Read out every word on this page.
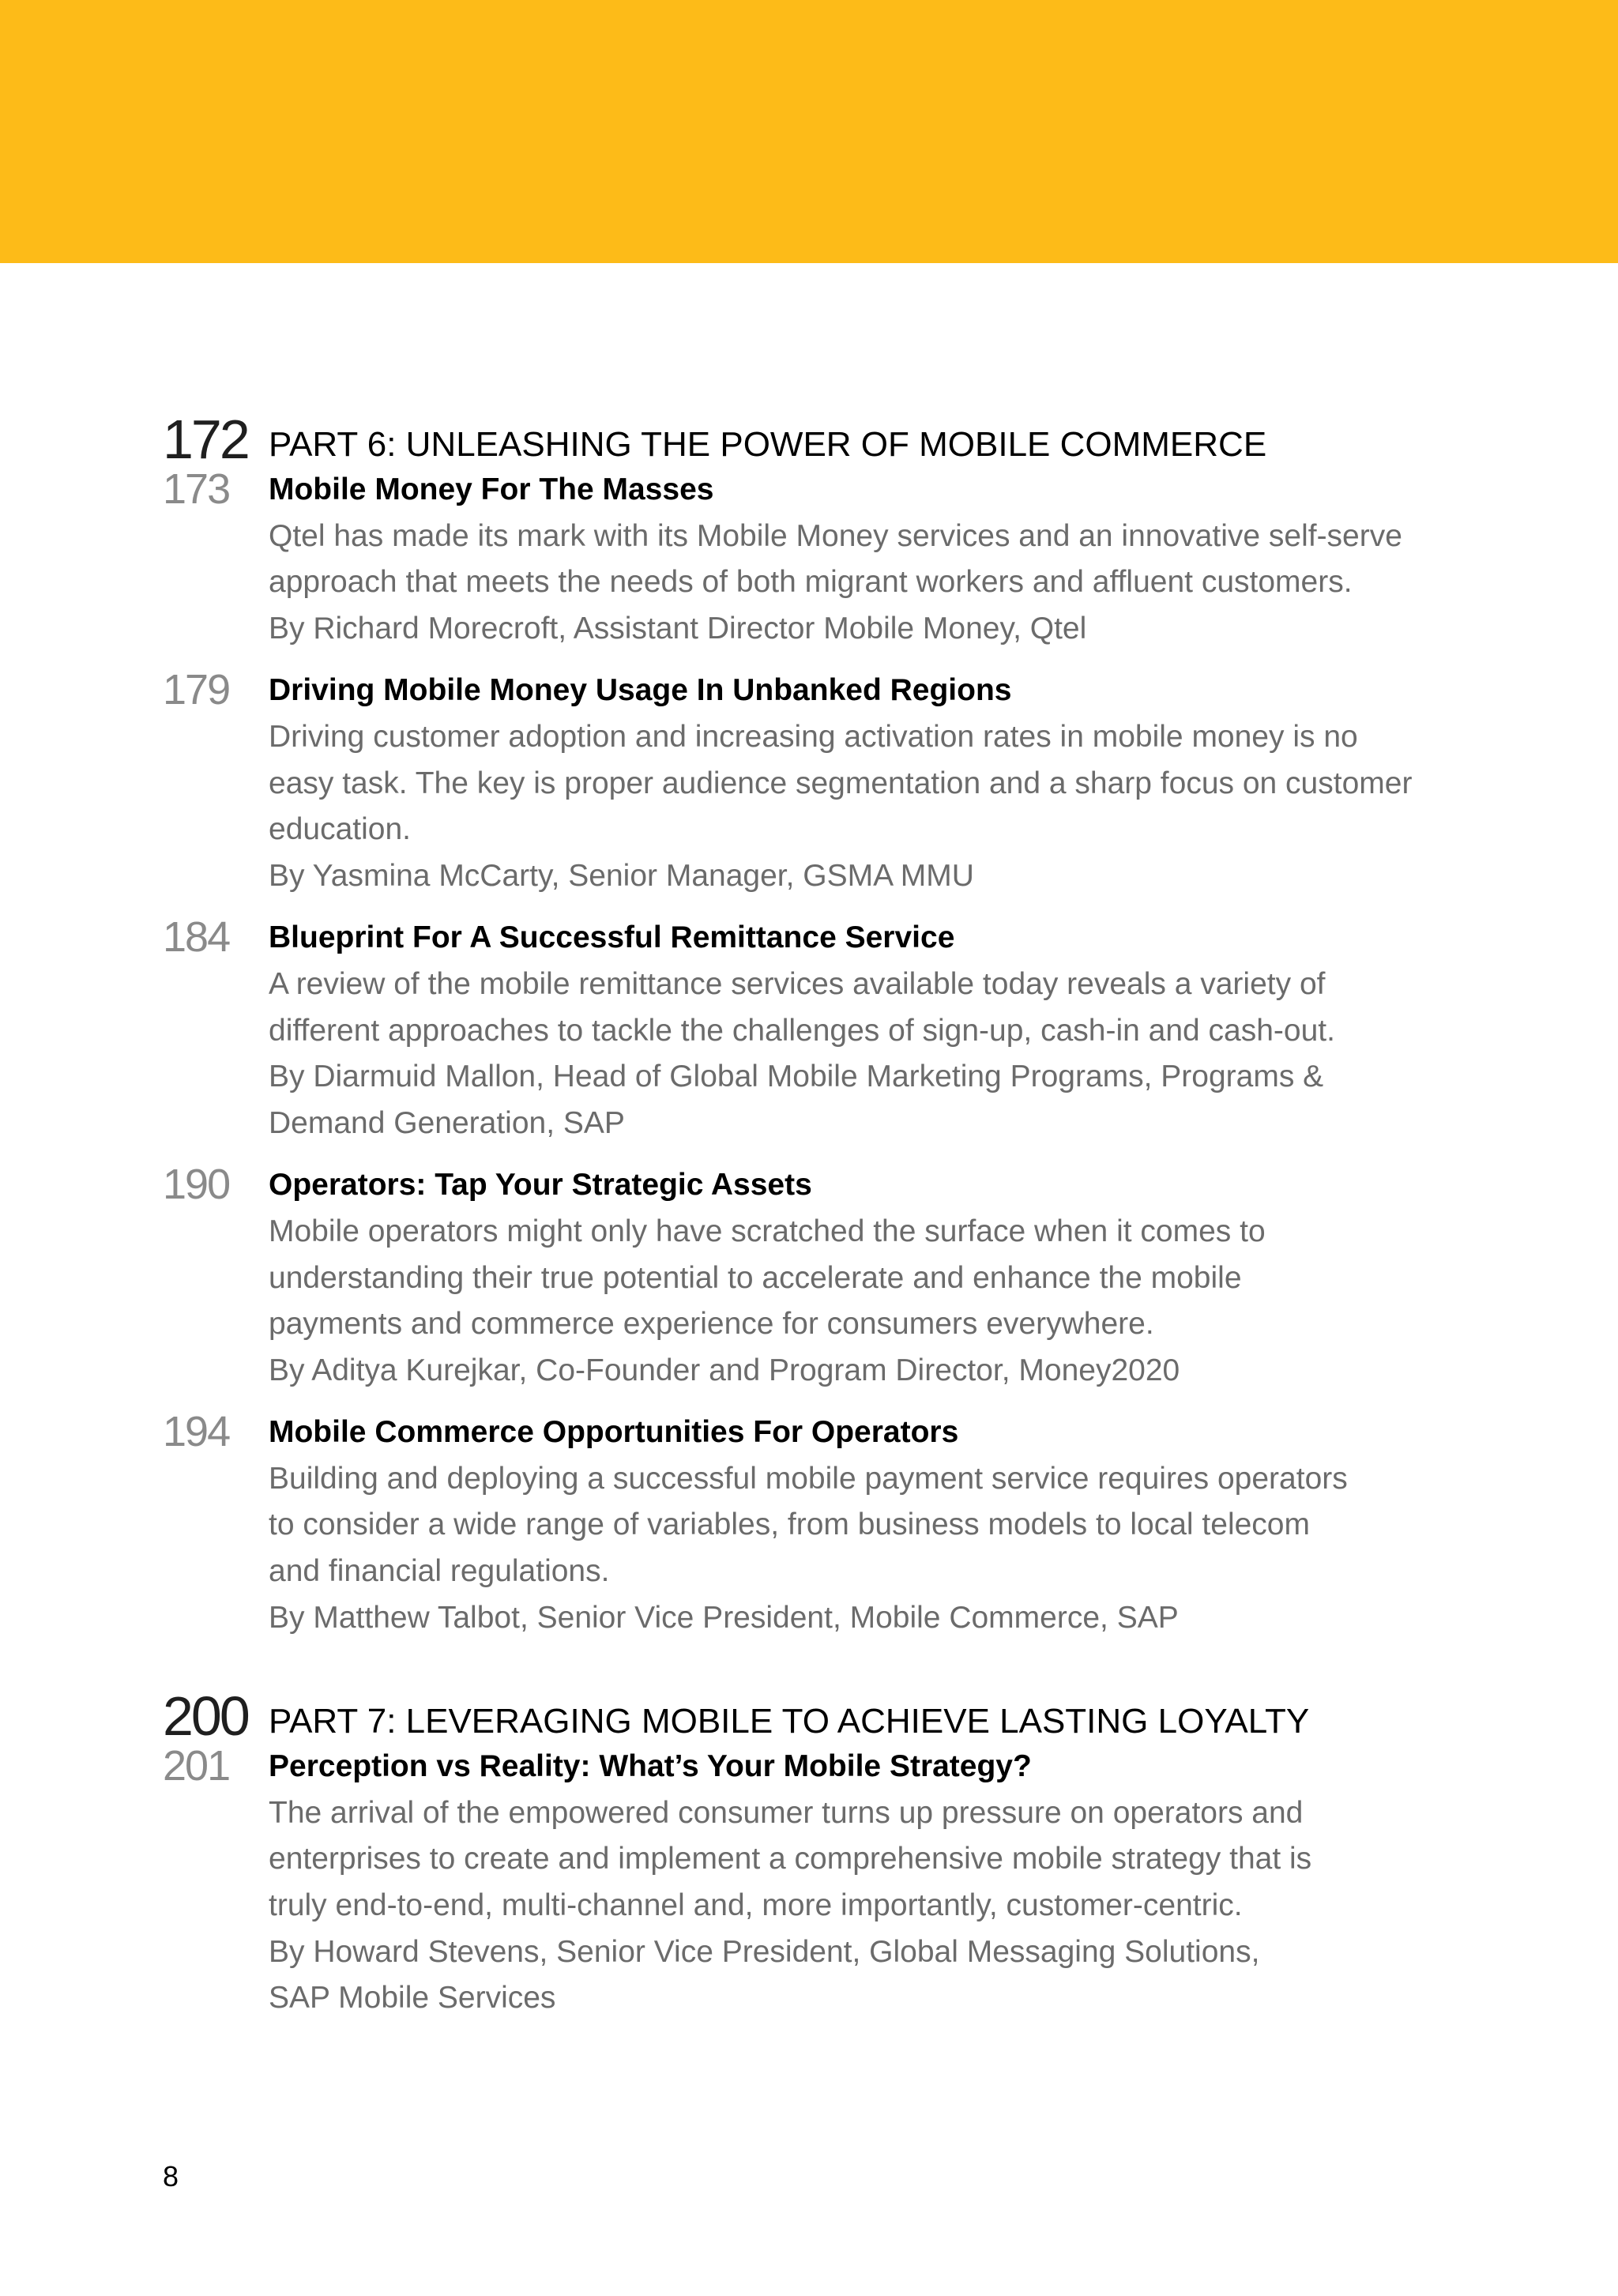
172 PART 6: UNLEASHING THE POWER OF MOBILE COMMERCE
173 Mobile Money For The Masses
Qtel has made its mark with its Mobile Money services and an innovative self-serve
approach that meets the needs of both migrant workers and affluent customers.
By Richard Morecroft, Assistant Director Mobile Money, Qtel
179 Driving Mobile Money Usage In Unbanked Regions
Driving customer adoption and increasing activation rates in mobile money is no
easy task. The key is proper audience segmentation and a sharp focus on customer
education.
By Yasmina McCarty, Senior Manager, GSMA MMU
184 Blueprint For A Successful Remittance Service
A review of the mobile remittance services available today reveals a variety of
different approaches to tackle the challenges of sign-up, cash-in and cash-out.
By Diarmuid Mallon, Head of Global Mobile Marketing Programs, Programs &
Demand Generation, SAP
190 Operators: Tap Your Strategic Assets
Mobile operators might only have scratched the surface when it comes to
understanding their true potential to accelerate and enhance the mobile
payments and commerce experience for consumers everywhere.
By Aditya Kurejkar, Co-Founder and Program Director, Money2020
194 Mobile Commerce Opportunities For Operators
Building and deploying a successful mobile payment service requires operators
to consider a wide range of variables, from business models to local telecom
and financial regulations.
By Matthew Talbot, Senior Vice President, Mobile Commerce, SAP
200 PART 7: LEVERAGING MOBILE TO ACHIEVE LASTING LOYALTY
201 Perception vs Reality: What’s Your Mobile Strategy?
The arrival of the empowered consumer turns up pressure on operators and
enterprises to create and implement a comprehensive mobile strategy that is
truly end-to-end, multi-channel and, more importantly, customer-centric.
By Howard Stevens, Senior Vice President, Global Messaging Solutions,
SAP Mobile Services
8
